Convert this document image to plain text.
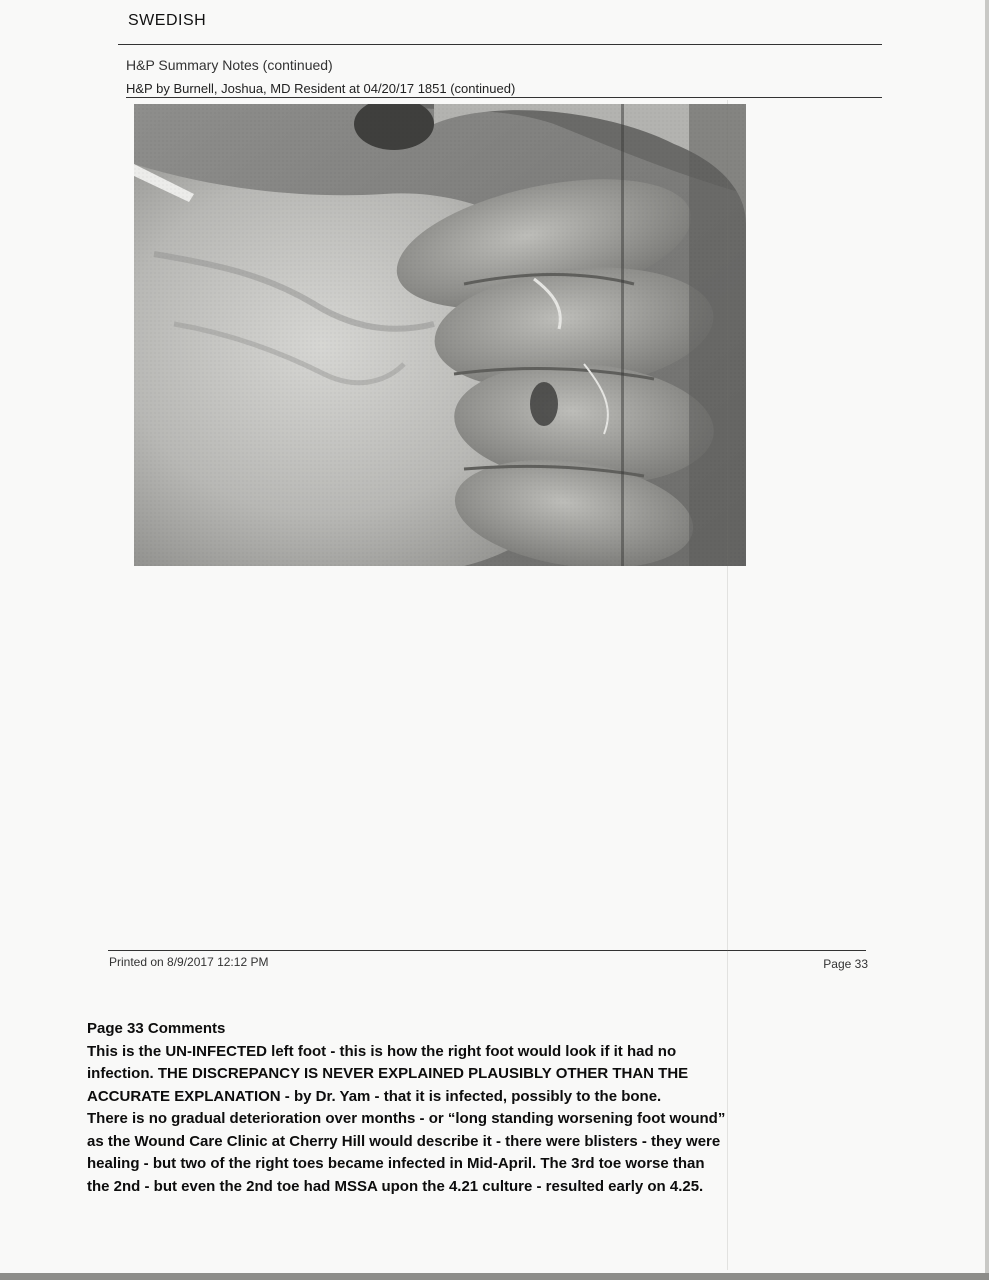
SWEDISH
H&P Summary Notes (continued)
H&P by Burnell, Joshua, MD Resident at 04/20/17 1851 (continued)
Printed on 8/9/2017 12:12 PM	Page 33

Page 33 Comments

This is the UN-INFECTED left foot - this is how the right foot would look if it had no

infection. THE DISCREPANCY IS NEVER EXPLAINED PLAUSIBLY OTHER THAN THE

ACCURATE EXPLANATION - by Dr. Yam - that it is infected, possibly to the bone.

There is no gradual deterioration over months - or “long standing worsening foot wound”

as the Wound Care Clinic at Cherry Hill would describe it - there were blisters - they were

healing - but two of the right toes became infected in Mid-April. The 3rd toe worse than

the 2nd - but even the 2nd toe had MSSA upon the 4.21 culture - resulted early on 4.25.
